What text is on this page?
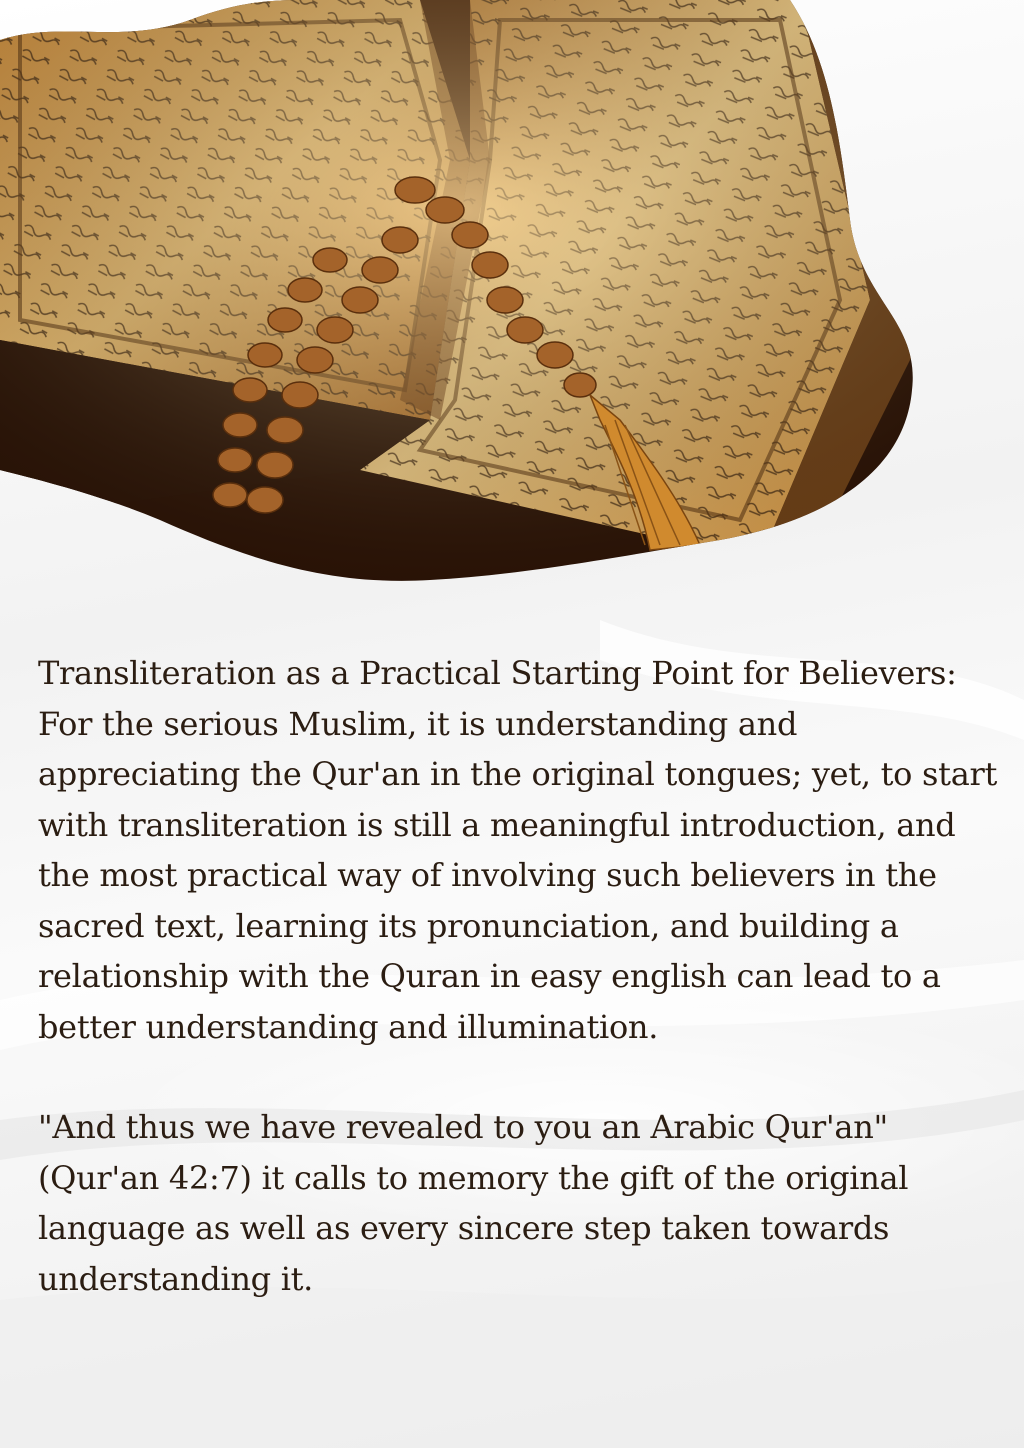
Transliteration as a Practical Starting Point for Believers: For the serious Muslim, it is understanding and appreciating the Qur'an in the original tongues; yet, to start with transliteration is still a meaningful introduction, and the most practical way of involving such believers in the sacred text, learning its pronunciation, and building a relationship with the Quran in easy english can lead to a better understanding and illumination.

"And thus we have revealed to you an Arabic Qur'an" (Qur'an 42:7) it calls to memory the gift of the original language as well as every sincere step taken towards understanding it.
